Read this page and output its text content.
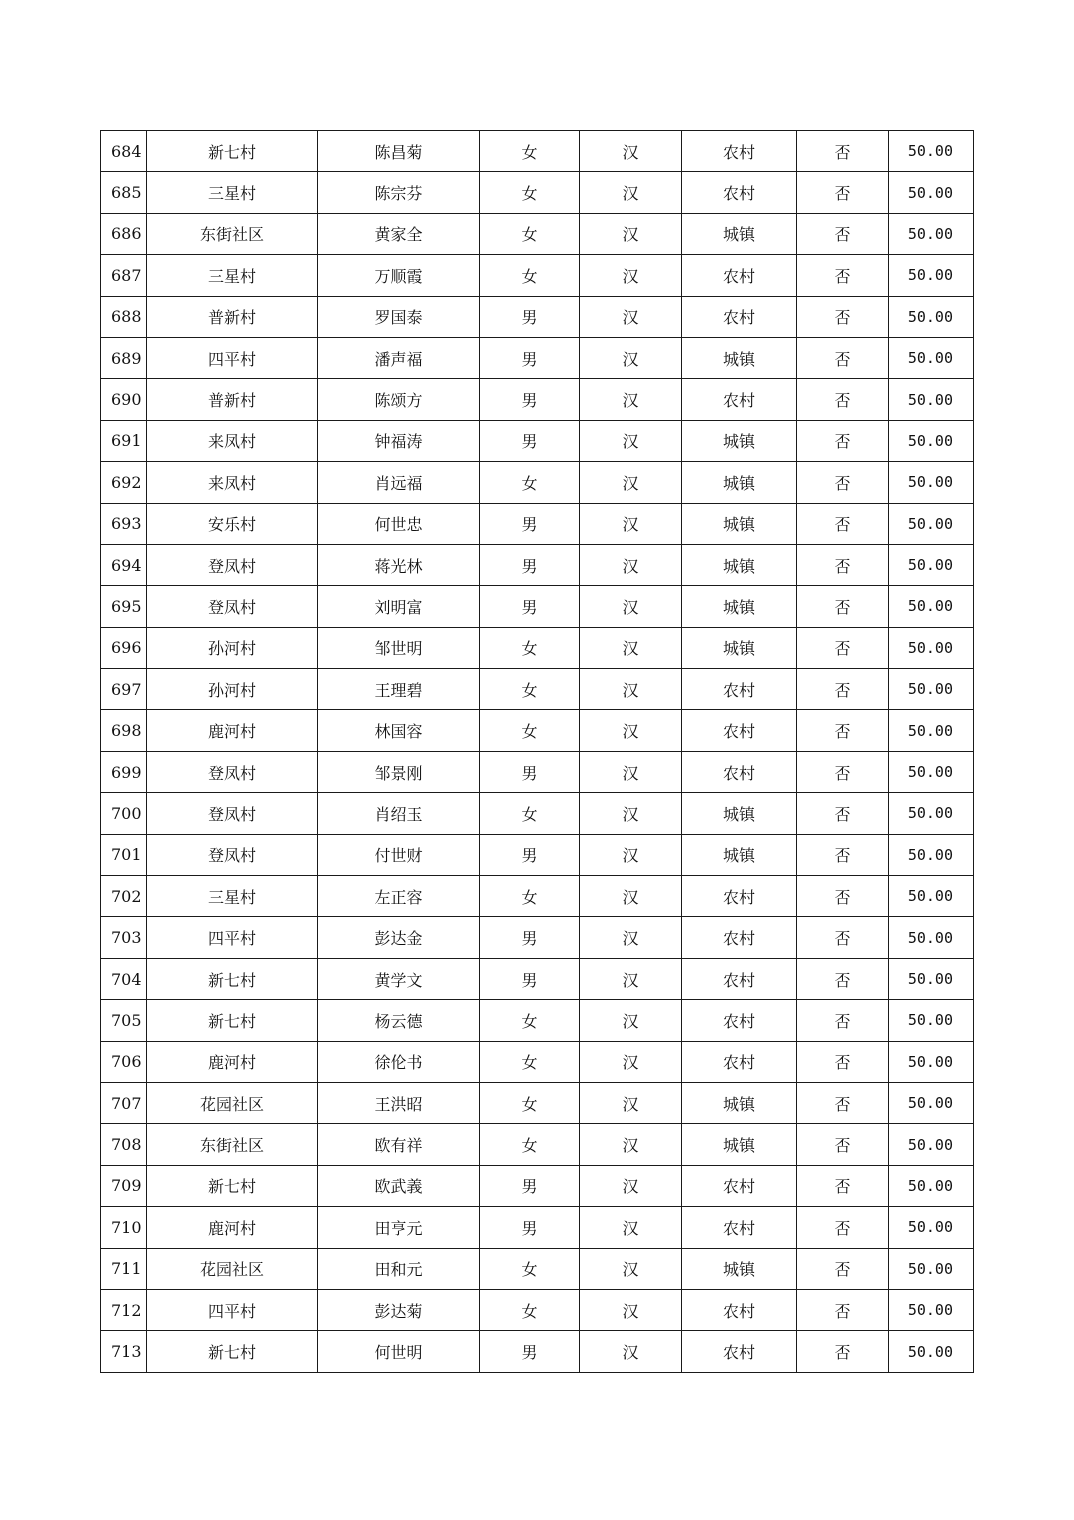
684	新七村	陈昌菊	女	汉	农村	否	50.00
685	三星村	陈宗芬	女	汉	农村	否	50.00
686	东街社区	黄家全	女	汉	城镇	否	50.00
687	三星村	万顺霞	女	汉	农村	否	50.00
688	普新村	罗国泰	男	汉	农村	否	50.00
689	四平村	潘声福	男	汉	城镇	否	50.00
690	普新村	陈颂方	男	汉	农村	否	50.00
691	来凤村	钟福涛	男	汉	城镇	否	50.00
692	来凤村	肖远福	女	汉	城镇	否	50.00
693	安乐村	何世忠	男	汉	城镇	否	50.00
694	登凤村	蒋光林	男	汉	城镇	否	50.00
695	登凤村	刘明富	男	汉	城镇	否	50.00
696	孙河村	邹世明	女	汉	城镇	否	50.00
697	孙河村	王理碧	女	汉	农村	否	50.00
698	鹿河村	林国容	女	汉	农村	否	50.00
699	登凤村	邹景刚	男	汉	农村	否	50.00
700	登凤村	肖绍玉	女	汉	城镇	否	50.00
701	登凤村	付世财	男	汉	城镇	否	50.00
702	三星村	左正容	女	汉	农村	否	50.00
703	四平村	彭达金	男	汉	农村	否	50.00
704	新七村	黄学文	男	汉	农村	否	50.00
705	新七村	杨云德	女	汉	农村	否	50.00
706	鹿河村	徐伦书	女	汉	农村	否	50.00
707	花园社区	王洪昭	女	汉	城镇	否	50.00
708	东街社区	欧有祥	女	汉	城镇	否	50.00
709	新七村	欧武義	男	汉	农村	否	50.00
710	鹿河村	田亨元	男	汉	农村	否	50.00
711	花园社区	田和元	女	汉	城镇	否	50.00
712	四平村	彭达菊	女	汉	农村	否	50.00
713	新七村	何世明	男	汉	农村	否	50.00
